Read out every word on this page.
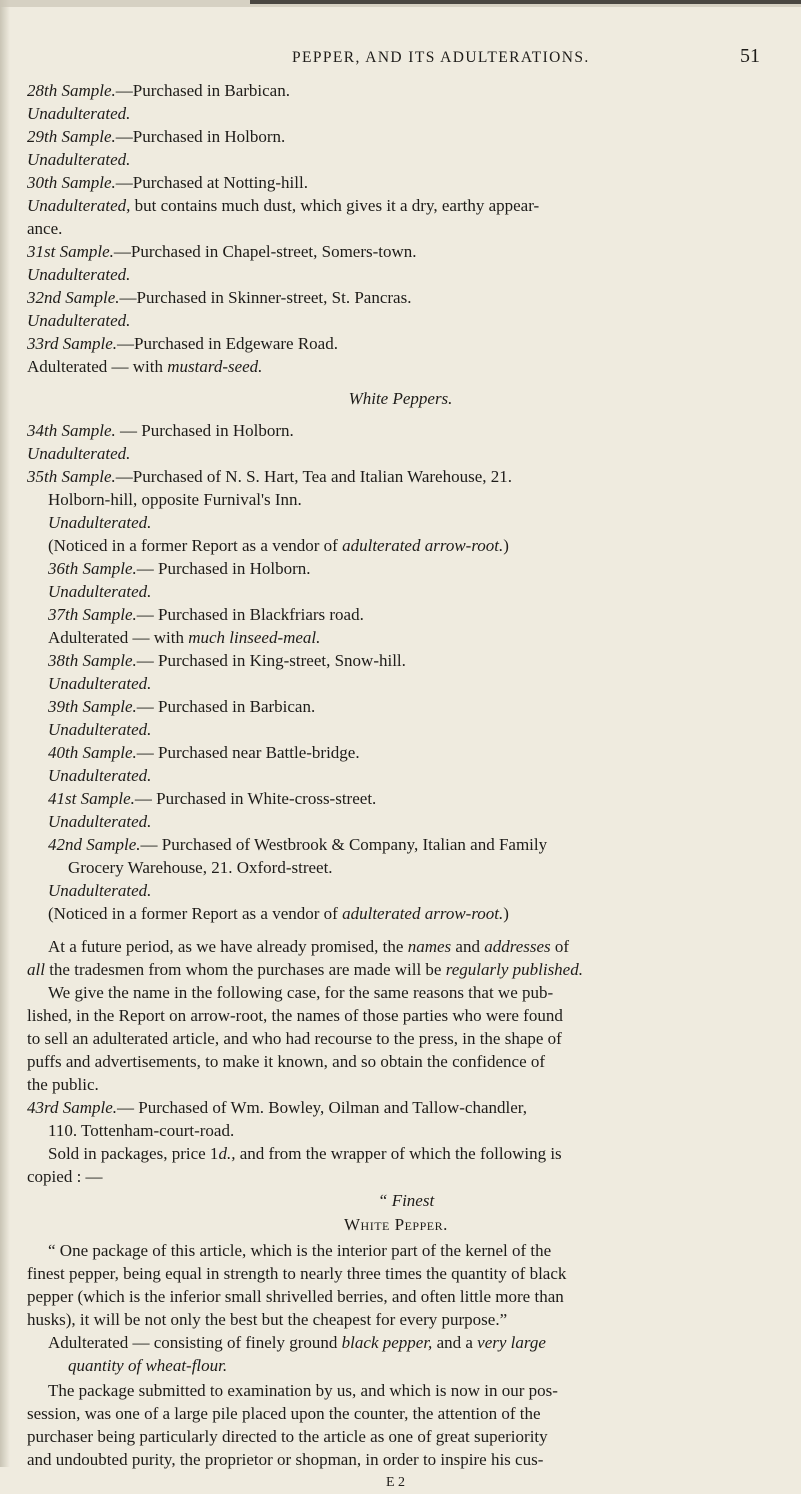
PEPPER, AND ITS ADULTERATIONS.	51
28th Sample.—Purchased in Barbican.
Unadulterated.
29th Sample.—Purchased in Holborn.
Unadulterated.
30th Sample.—Purchased at Notting-hill.
Unadulterated, but contains much dust, which gives it a dry, earthy appear-
ance.
31st Sample.—Purchased in Chapel-street, Somers-town.
Unadulterated.
32nd Sample.—Purchased in Skinner-street, St. Pancras.
Unadulterated.
33rd Sample.—Purchased in Edgeware Road.
Adulterated — with mustard-seed.
White Peppers.
34th Sample. — Purchased in Holborn.
Unadulterated.
35th Sample.—Purchased of N. S. Hart, Tea and Italian Warehouse, 21.
Holborn-hill, opposite Furnival's Inn.
Unadulterated.
(Noticed in a former Report as a vendor of adulterated arrow-root.)
36th Sample.— Purchased in Holborn.
Unadulterated.
37th Sample.— Purchased in Blackfriars road.
Adulterated — with much linseed-meal.
38th Sample.— Purchased in King-street, Snow-hill.
Unadulterated.
39th Sample.— Purchased in Barbican.
Unadulterated.
40th Sample.— Purchased near Battle-bridge.
Unadulterated.
41st Sample.— Purchased in White-cross-street.
Unadulterated.
42nd Sample.— Purchased of Westbrook & Company, Italian and Family
Grocery Warehouse, 21. Oxford-street.
Unadulterated.
(Noticed in a former Report as a vendor of adulterated arrow-root.)
At a future period, as we have already promised, the names and addresses of
all the tradesmen from whom the purchases are made will be regularly published.
We give the name in the following case, for the same reasons that we pub-
lished, in the Report on arrow-root, the names of those parties who were found
to sell an adulterated article, and who had recourse to the press, in the shape of
puffs and advertisements, to make it known, and so obtain the confidence of
the public.
43rd Sample.— Purchased of Wm. Bowley, Oilman and Tallow-chandler,
110. Tottenham-court-road.
Sold in packages, price 1d., and from the wrapper of which the following is
copied : —
“ Finest
White Pepper.
“ One package of this article, which is the interior part of the kernel of the
finest pepper, being equal in strength to nearly three times the quantity of black
pepper (which is the inferior small shrivelled berries, and often little more than
husks), it will be not only the best but the cheapest for every purpose.”
Adulterated — consisting of finely ground black pepper, and a very large
quantity of wheat-flour.
The package submitted to examination by us, and which is now in our pos-
session, was one of a large pile placed upon the counter, the attention of the
purchaser being particularly directed to the article as one of great superiority
and undoubted purity, the proprietor or shopman, in order to inspire his cus-
E 2
